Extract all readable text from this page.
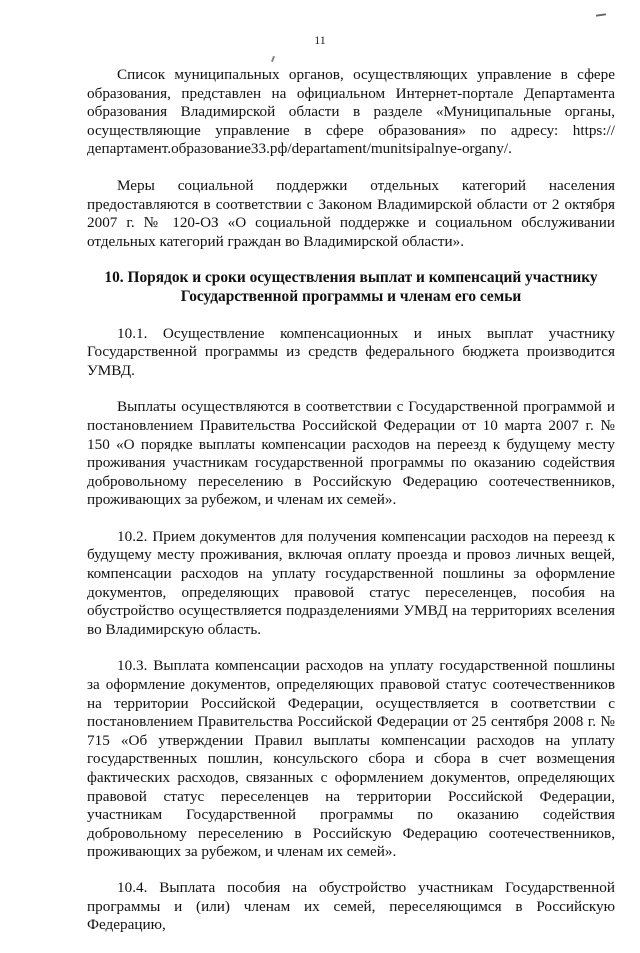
11

Список муниципальных органов, осуществляющих управление в сфере образования, представлен на официальном Интернет-портале Департамента образования Владимирской области в разделе «Муниципальные органы, осуществляющие управление в сфере образования» по адресу: https:// департамент.образование33.рф/departament/munitsipalnye-organy/.

Меры социальной поддержки отдельных категорий населения предоставляются в соответствии с Законом Владимирской области от 2 октября 2007 г. № 120-ОЗ «О социальной поддержке и социальном обслуживании отдельных категорий граждан во Владимирской области».

10. Порядок и сроки осуществления выплат и компенсаций участнику Государственной программы и членам его семьи

10.1. Осуществление компенсационных и иных выплат участнику Государственной программы из средств федерального бюджета производится УМВД.

Выплаты осуществляются в соответствии с Государственной программой и постановлением Правительства Российской Федерации от 10 марта 2007 г. № 150 «О порядке выплаты компенсации расходов на переезд к будущему месту проживания участникам государственной программы по оказанию содействия добровольному переселению в Российскую Федерацию соотечественников, проживающих за рубежом, и членам их семей».

10.2. Прием документов для получения компенсации расходов на переезд к будущему месту проживания, включая оплату проезда и провоз личных вещей, компенсации расходов на уплату государственной пошлины за оформление документов, определяющих правовой статус переселенцев, пособия на обустройство осуществляется подразделениями УМВД на территориях вселения во Владимирскую область.

10.3. Выплата компенсации расходов на уплату государственной пошлины за оформление документов, определяющих правовой статус соотечественников на территории Российской Федерации, осуществляется в соответствии с постановлением Правительства Российской Федерации от 25 сентября 2008 г. № 715 «Об утверждении Правил выплаты компенсации расходов на уплату государственных пошлин, консульского сбора и сбора в счет возмещения фактических расходов, связанных с оформлением документов, определяющих правовой статус переселенцев на территории Российской Федерации, участникам Государственной программы по оказанию содействия добровольному переселению в Российскую Федерацию соотечественников, проживающих за рубежом, и членам их семей».

10.4. Выплата пособия на обустройство участникам Государственной программы и (или) членам их семей, переселяющимся в Российскую Федерацию,
